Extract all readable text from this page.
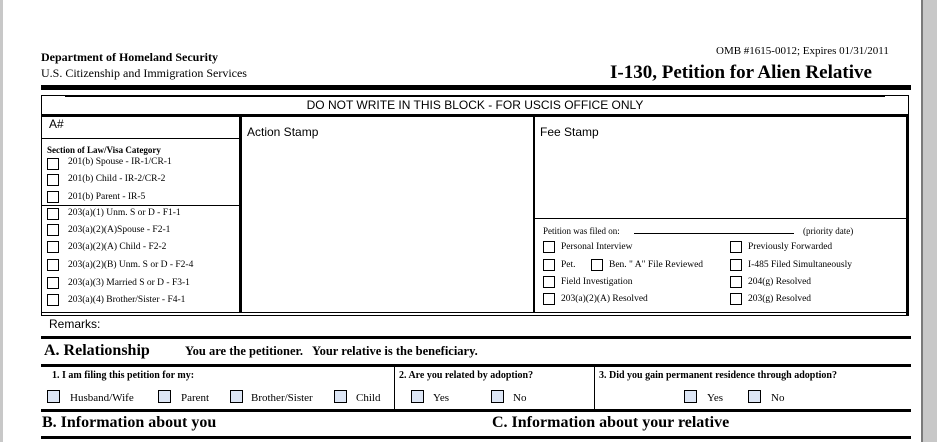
Department of Homeland Security
U.S. Citizenship and Immigration Services
OMB #1615-0012; Expires 01/31/2011
I-130, Petition for Alien Relative
DO NOT WRITE IN THIS BLOCK - FOR USCIS OFFICE ONLY
A#
Section of Law/Visa Category
201(b) Spouse - IR-1/CR-1
201(b) Child - IR-2/CR-2
201(b) Parent - IR-5
203(a)(1) Unm. S or D - F1-1
203(a)(2)(A)Spouse - F2-1
203(a)(2)(A) Child - F2-2
203(a)(2)(B) Unm. S or D - F2-4
203(a)(3) Married S or D - F3-1
203(a)(4) Brother/Sister - F4-1
Action Stamp	Fee Stamp
Petition was filed on:	(priority date)
Personal Interview	Previously Forwarded
Pet.	Ben. " A" File Reviewed	I-485 Filed Simultaneously
Field Investigation	204(g) Resolved
203(a)(2)(A) Resolved	203(g) Resolved
Remarks:
A. Relationship	You are the petitioner.   Your relative is the beneficiary.
1. I am filing this petition for my:	2. Are you related by adoption?	3. Did you gain permanent residence through adoption?
Husband/Wife	Parent	Brother/Sister	Child	Yes	No	Yes	No
B. Information about you	C. Information about your relative
